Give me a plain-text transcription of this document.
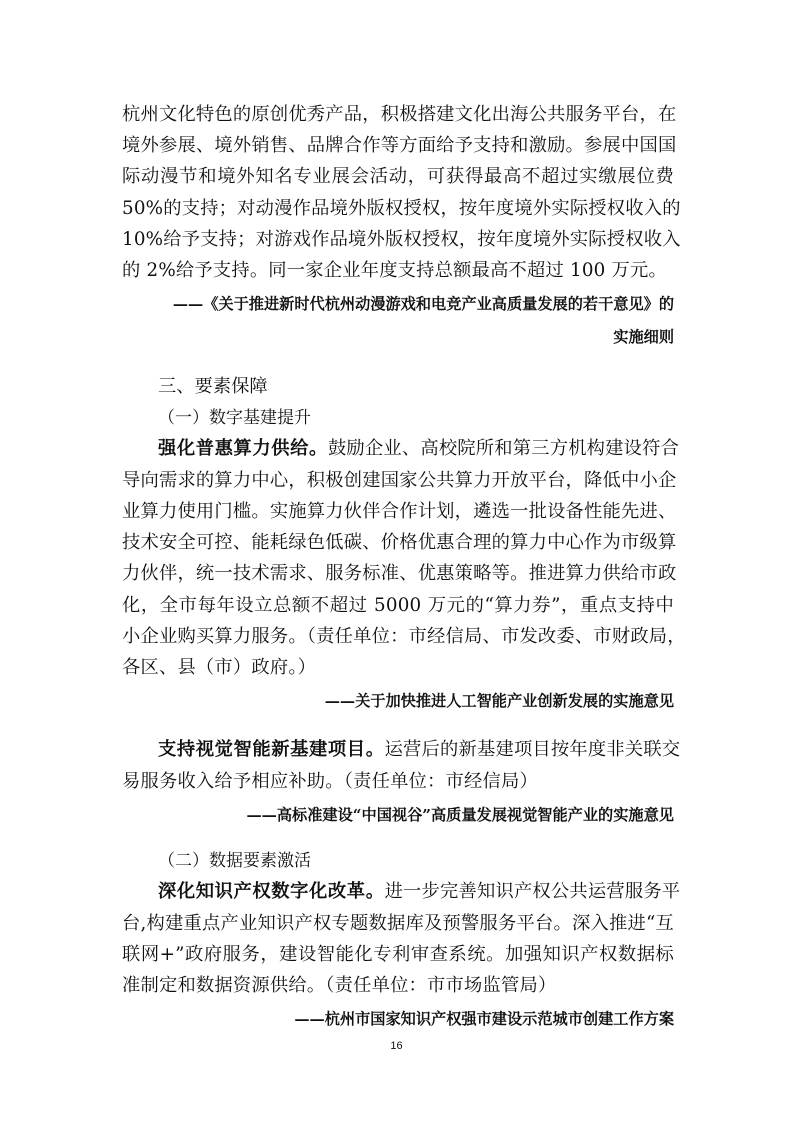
杭州文化特色的原创优秀产品，积极搭建文化出海公共服务平台，在
境外参展、境外销售、品牌合作等方面给予支持和激励。参展中国国
际动漫节和境外知名专业展会活动，可获得最高不超过实缴展位费
50%的支持；对动漫作品境外版权授权，按年度境外实际授权收入的
10%给予支持；对游戏作品境外版权授权，按年度境外实际授权收入
的 2%给予支持。同一家企业年度支持总额最高不超过 100 万元。
——《关于推进新时代杭州动漫游戏和电竞产业高质量发展的若干意见》的
实施细则
三、要素保障
（一）数字基建提升
强化普惠算力供给。鼓励企业、高校院所和第三方机构建设符合
导向需求的算力中心，积极创建国家公共算力开放平台，降低中小企
业算力使用门槛。实施算力伙伴合作计划，遴选一批设备性能先进、
技术安全可控、能耗绿色低碳、价格优惠合理的算力中心作为市级算
力伙伴，统一技术需求、服务标准、优惠策略等。推进算力供给市政
化，全市每年设立总额不超过 5000 万元的“算力券”，重点支持中
小企业购买算力服务。（责任单位：市经信局、市发改委、市财政局，
各区、县（市）政府。）
——关于加快推进人工智能产业创新发展的实施意见
支持视觉智能新基建项目。运营后的新基建项目按年度非关联交
易服务收入给予相应补助。（责任单位：市经信局）
——高标准建设“中国视谷”高质量发展视觉智能产业的实施意见
（二）数据要素激活
深化知识产权数字化改革。进一步完善知识产权公共运营服务平
台,构建重点产业知识产权专题数据库及预警服务平台。深入推进“互
联网+”政府服务，建设智能化专利审查系统。加强知识产权数据标
准制定和数据资源供给。（责任单位：市市场监管局）
——杭州市国家知识产权强市建设示范城市创建工作方案
16
